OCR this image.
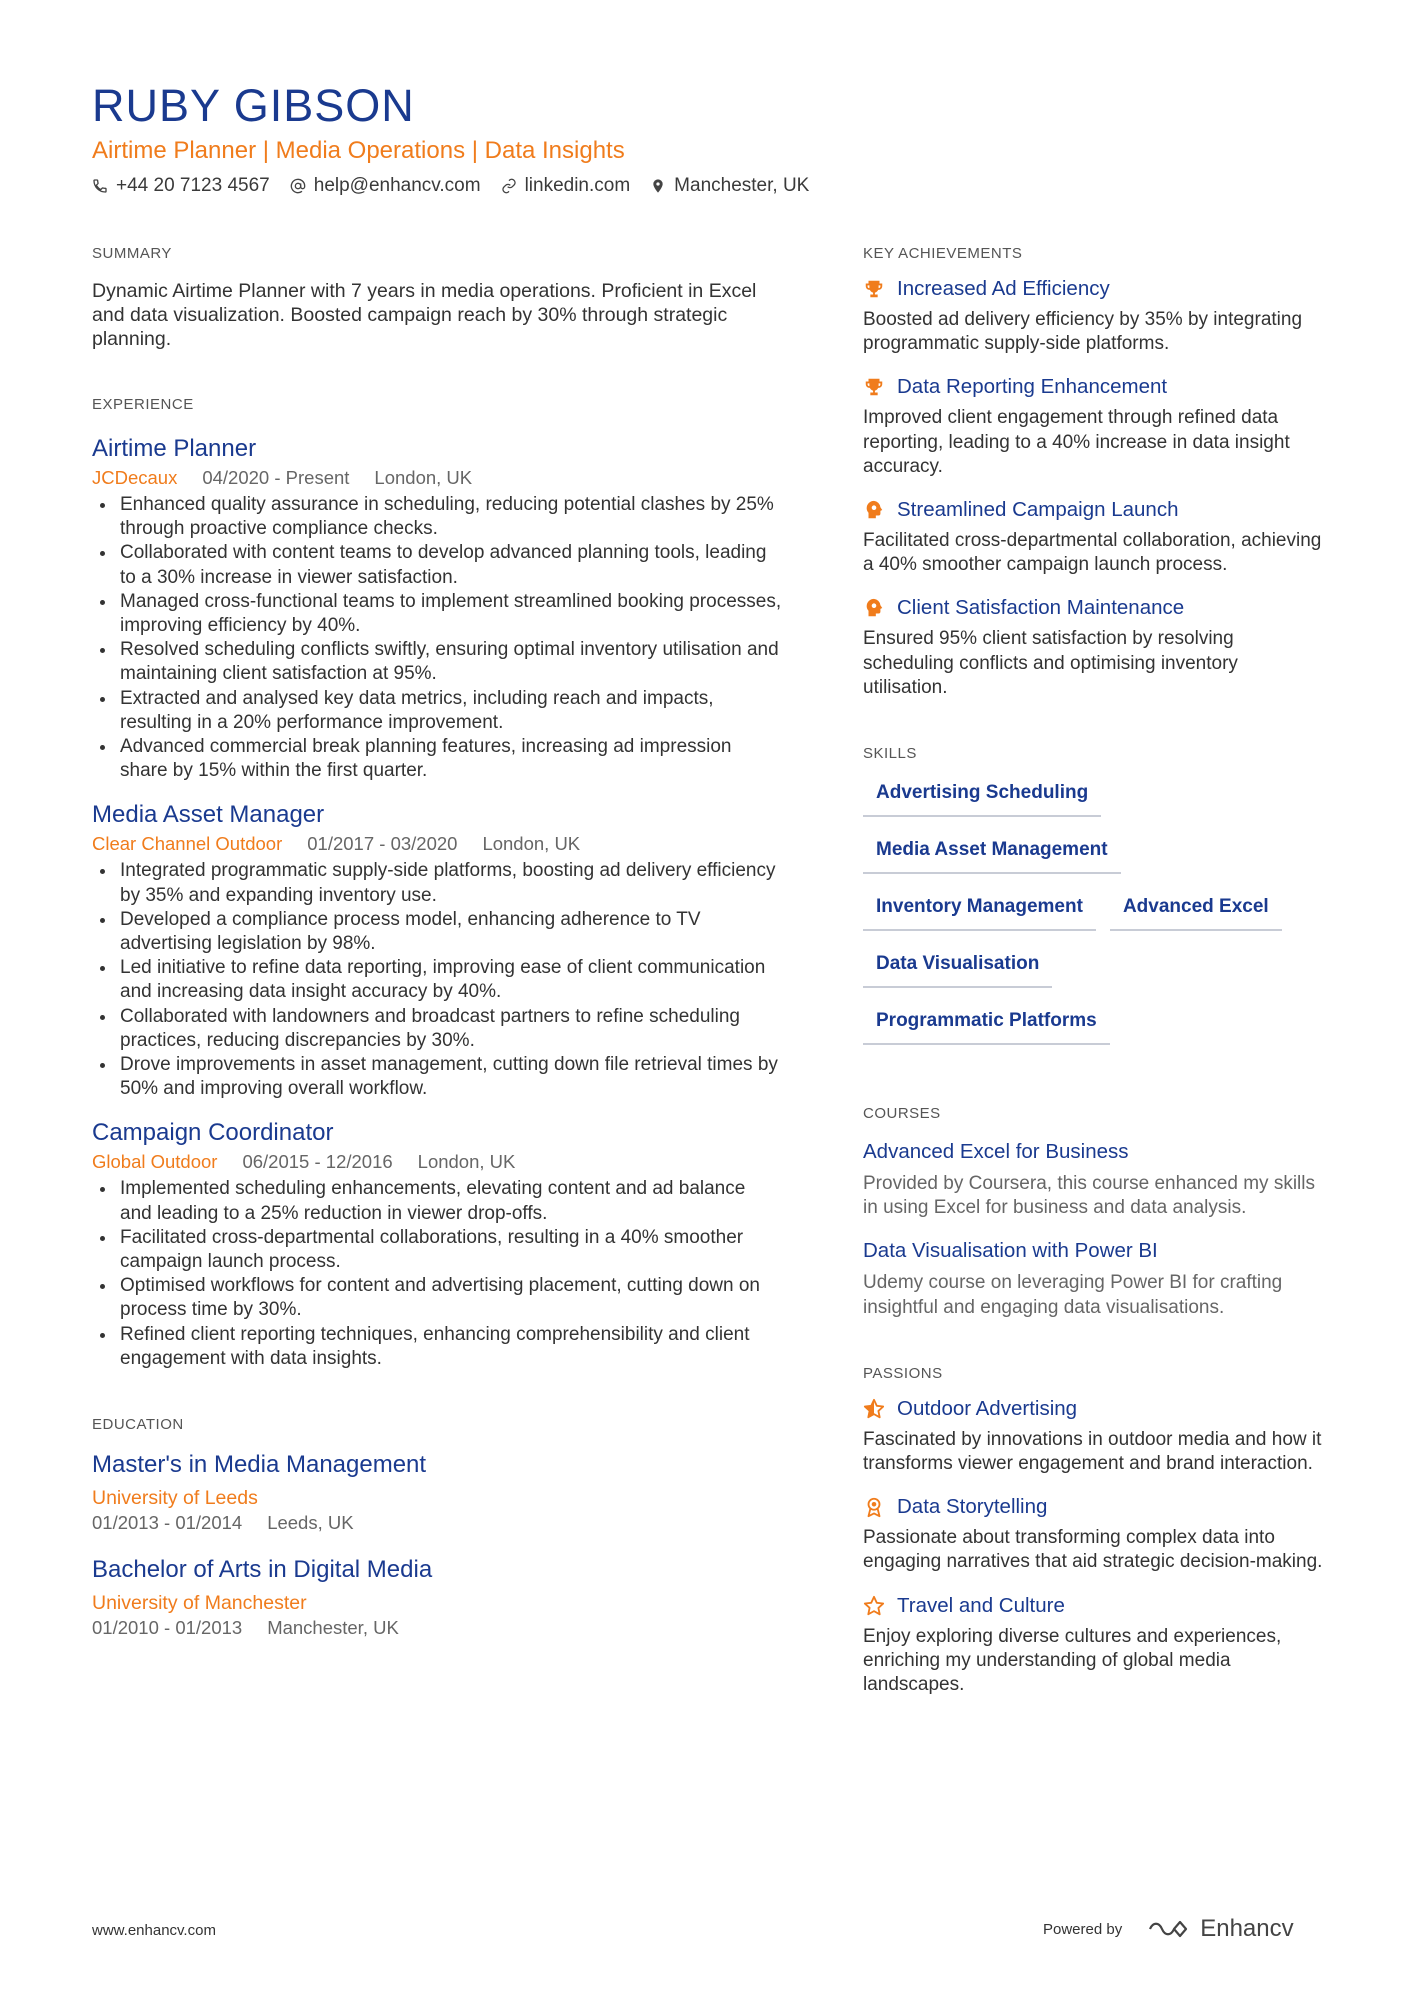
RUBY GIBSON
Airtime Planner | Media Operations | Data Insights
+44 20 7123 4567 help@enhancv.com linkedin.com Manchester, UK
SUMMARY
Dynamic Airtime Planner with 7 years in media operations. Proficient in Excel and data visualization. Boosted campaign reach by 30% through strategic planning.
EXPERIENCE
Airtime Planner
JCDecaux 04/2020 - Present London, UK
Enhanced quality assurance in scheduling, reducing potential clashes by 25% through proactive compliance checks.
Collaborated with content teams to develop advanced planning tools, leading to a 30% increase in viewer satisfaction.
Managed cross-functional teams to implement streamlined booking processes, improving efficiency by 40%.
Resolved scheduling conflicts swiftly, ensuring optimal inventory utilisation and maintaining client satisfaction at 95%.
Extracted and analysed key data metrics, including reach and impacts, resulting in a 20% performance improvement.
Advanced commercial break planning features, increasing ad impression share by 15% within the first quarter.
Media Asset Manager
Clear Channel Outdoor 01/2017 - 03/2020 London, UK
Integrated programmatic supply-side platforms, boosting ad delivery efficiency by 35% and expanding inventory use.
Developed a compliance process model, enhancing adherence to TV advertising legislation by 98%.
Led initiative to refine data reporting, improving ease of client communication and increasing data insight accuracy by 40%.
Collaborated with landowners and broadcast partners to refine scheduling practices, reducing discrepancies by 30%.
Drove improvements in asset management, cutting down file retrieval times by 50% and improving overall workflow.
Campaign Coordinator
Global Outdoor 06/2015 - 12/2016 London, UK
Implemented scheduling enhancements, elevating content and ad balance and leading to a 25% reduction in viewer drop-offs.
Facilitated cross-departmental collaborations, resulting in a 40% smoother campaign launch process.
Optimised workflows for content and advertising placement, cutting down on process time by 30%.
Refined client reporting techniques, enhancing comprehensibility and client engagement with data insights.
EDUCATION
Master's in Media Management
University of Leeds
01/2013 - 01/2014 Leeds, UK
Bachelor of Arts in Digital Media
University of Manchester
01/2010 - 01/2013 Manchester, UK
KEY ACHIEVEMENTS
Increased Ad Efficiency
Boosted ad delivery efficiency by 35% by integrating programmatic supply-side platforms.
Data Reporting Enhancement
Improved client engagement through refined data reporting, leading to a 40% increase in data insight accuracy.
Streamlined Campaign Launch
Facilitated cross-departmental collaboration, achieving a 40% smoother campaign launch process.
Client Satisfaction Maintenance
Ensured 95% client satisfaction by resolving scheduling conflicts and optimising inventory utilisation.
SKILLS
Advertising Scheduling
Media Asset Management
Inventory Management	Advanced Excel
Data Visualisation
Programmatic Platforms
COURSES
Advanced Excel for Business
Provided by Coursera, this course enhanced my skills in using Excel for business and data analysis.
Data Visualisation with Power BI
Udemy course on leveraging Power BI for crafting insightful and engaging data visualisations.
PASSIONS
Outdoor Advertising
Fascinated by innovations in outdoor media and how it transforms viewer engagement and brand interaction.
Data Storytelling
Passionate about transforming complex data into engaging narratives that aid strategic decision-making.
Travel and Culture
Enjoy exploring diverse cultures and experiences, enriching my understanding of global media landscapes.
www.enhancv.com	Powered by	Enhancv
